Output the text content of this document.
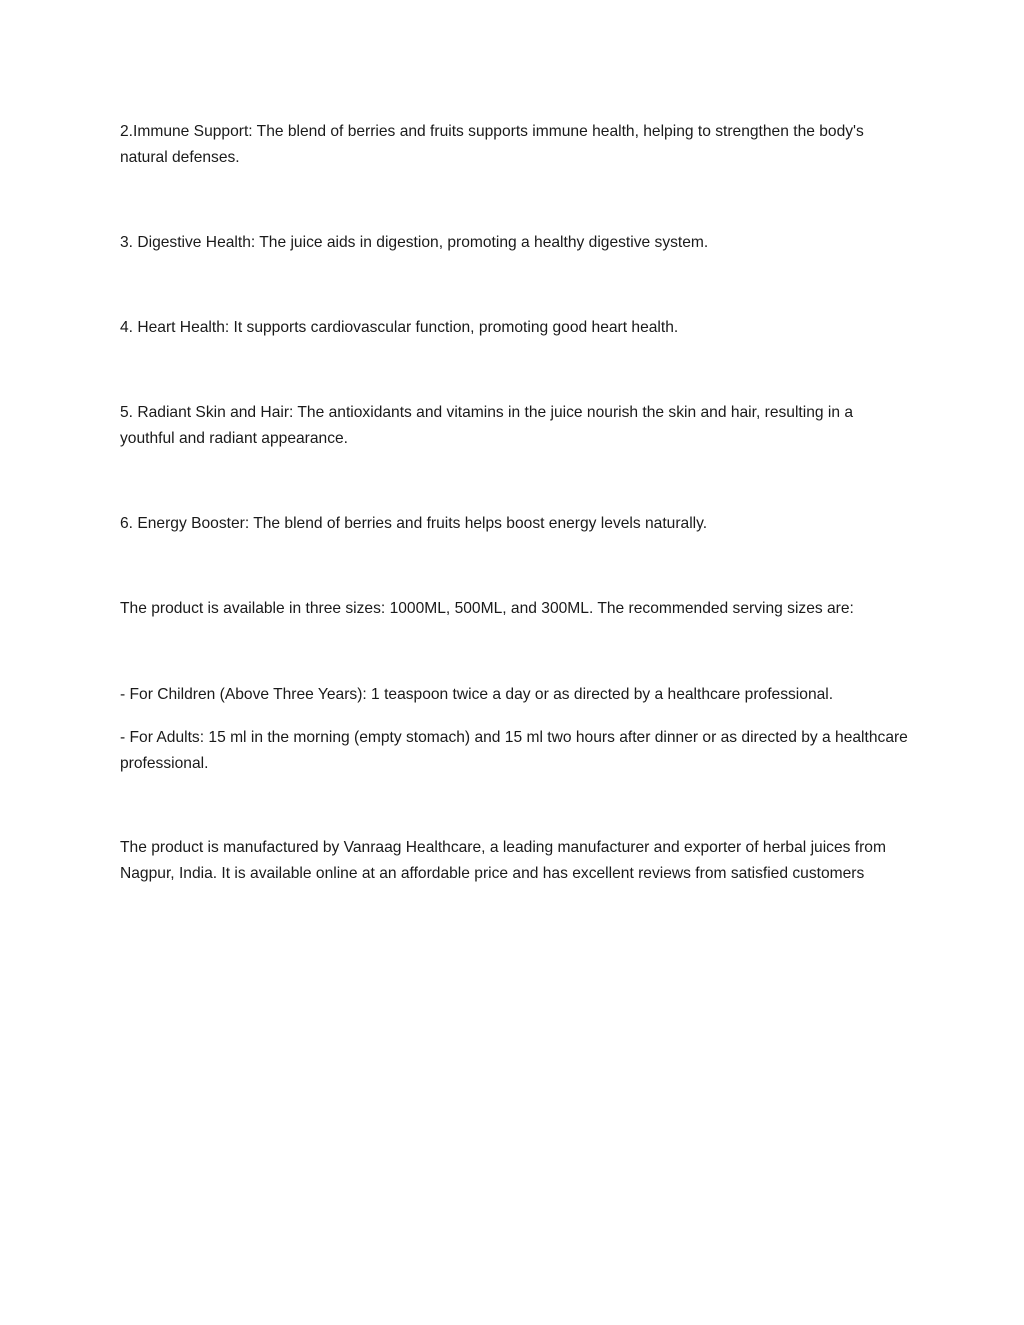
2.Immune Support: The blend of berries and fruits supports immune health, helping to strengthen the body's natural defenses.

3. Digestive Health: The juice aids in digestion, promoting a healthy digestive system.

4. Heart Health: It supports cardiovascular function, promoting good heart health.

5. Radiant Skin and Hair: The antioxidants and vitamins in the juice nourish the skin and hair, resulting in a youthful and radiant appearance.

6. Energy Booster: The blend of berries and fruits helps boost energy levels naturally.

The product is available in three sizes: 1000ML, 500ML, and 300ML. The recommended serving sizes are:

- For Children (Above Three Years): 1 teaspoon twice a day or as directed by a healthcare professional.

- For Adults: 15 ml in the morning (empty stomach) and 15 ml two hours after dinner or as directed by a healthcare professional.

The product is manufactured by Vanraag Healthcare, a leading manufacturer and exporter of herbal juices from Nagpur, India. It is available online at an affordable price and has excellent reviews from satisfied customers
